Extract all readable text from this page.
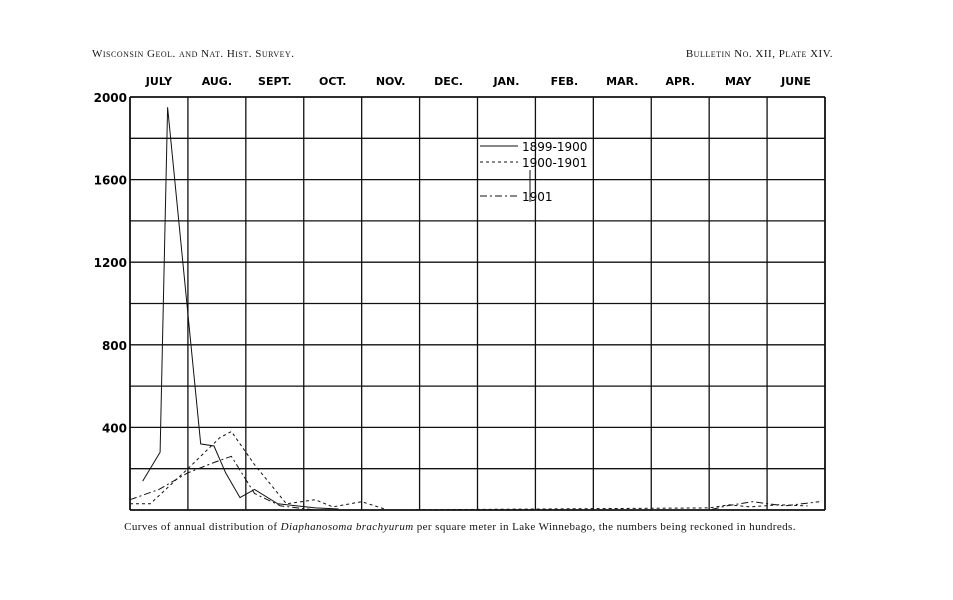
Wisconsin Geol. and Nat. Hist. Survey.	Bulletin No. XII, Plate XIV.
JULY	AUG. SEPT. OCT.	NOV.	DEC.	JAN.	FEB.	MAR. APR.	MAY	JUNE
400
800
1200
1600
2000
1899-1900
1900-1901
1901
Curves of annual distribution of Diaphanosoma brachyurum per square meter in Lake Winnebago, the numbers being reckoned in hundreds.
